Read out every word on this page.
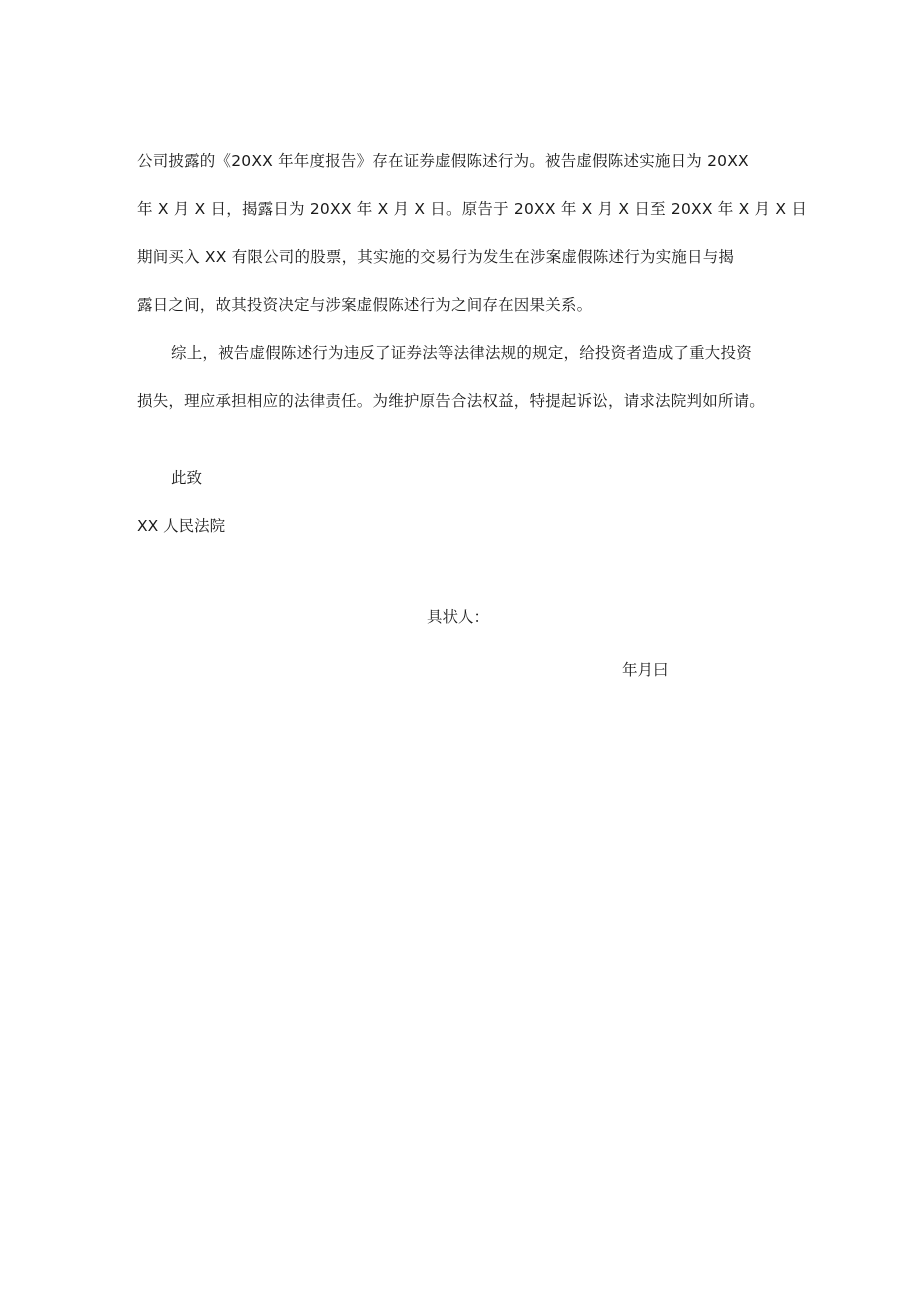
公司披露的《20XX 年年度报告》存在证券虚假陈述行为。被告虚假陈述实施日为 20XX
年 X 月 X 日，揭露日为 20XX 年 X 月 X 日。原告于 20XX 年 X 月 X 日至 20XX 年 X 月 X 日
期间买入 XX 有限公司的股票，其实施的交易行为发生在涉案虚假陈述行为实施日与揭
露日之间，故其投资决定与涉案虚假陈述行为之间存在因果关系。
综上，被告虚假陈述行为违反了证券法等法律法规的规定，给投资者造成了重大投资
损失，理应承担相应的法律责任。为维护原告合法权益，特提起诉讼，请求法院判如所请。
此致
XX 人民法院
具状人：
年月曰
